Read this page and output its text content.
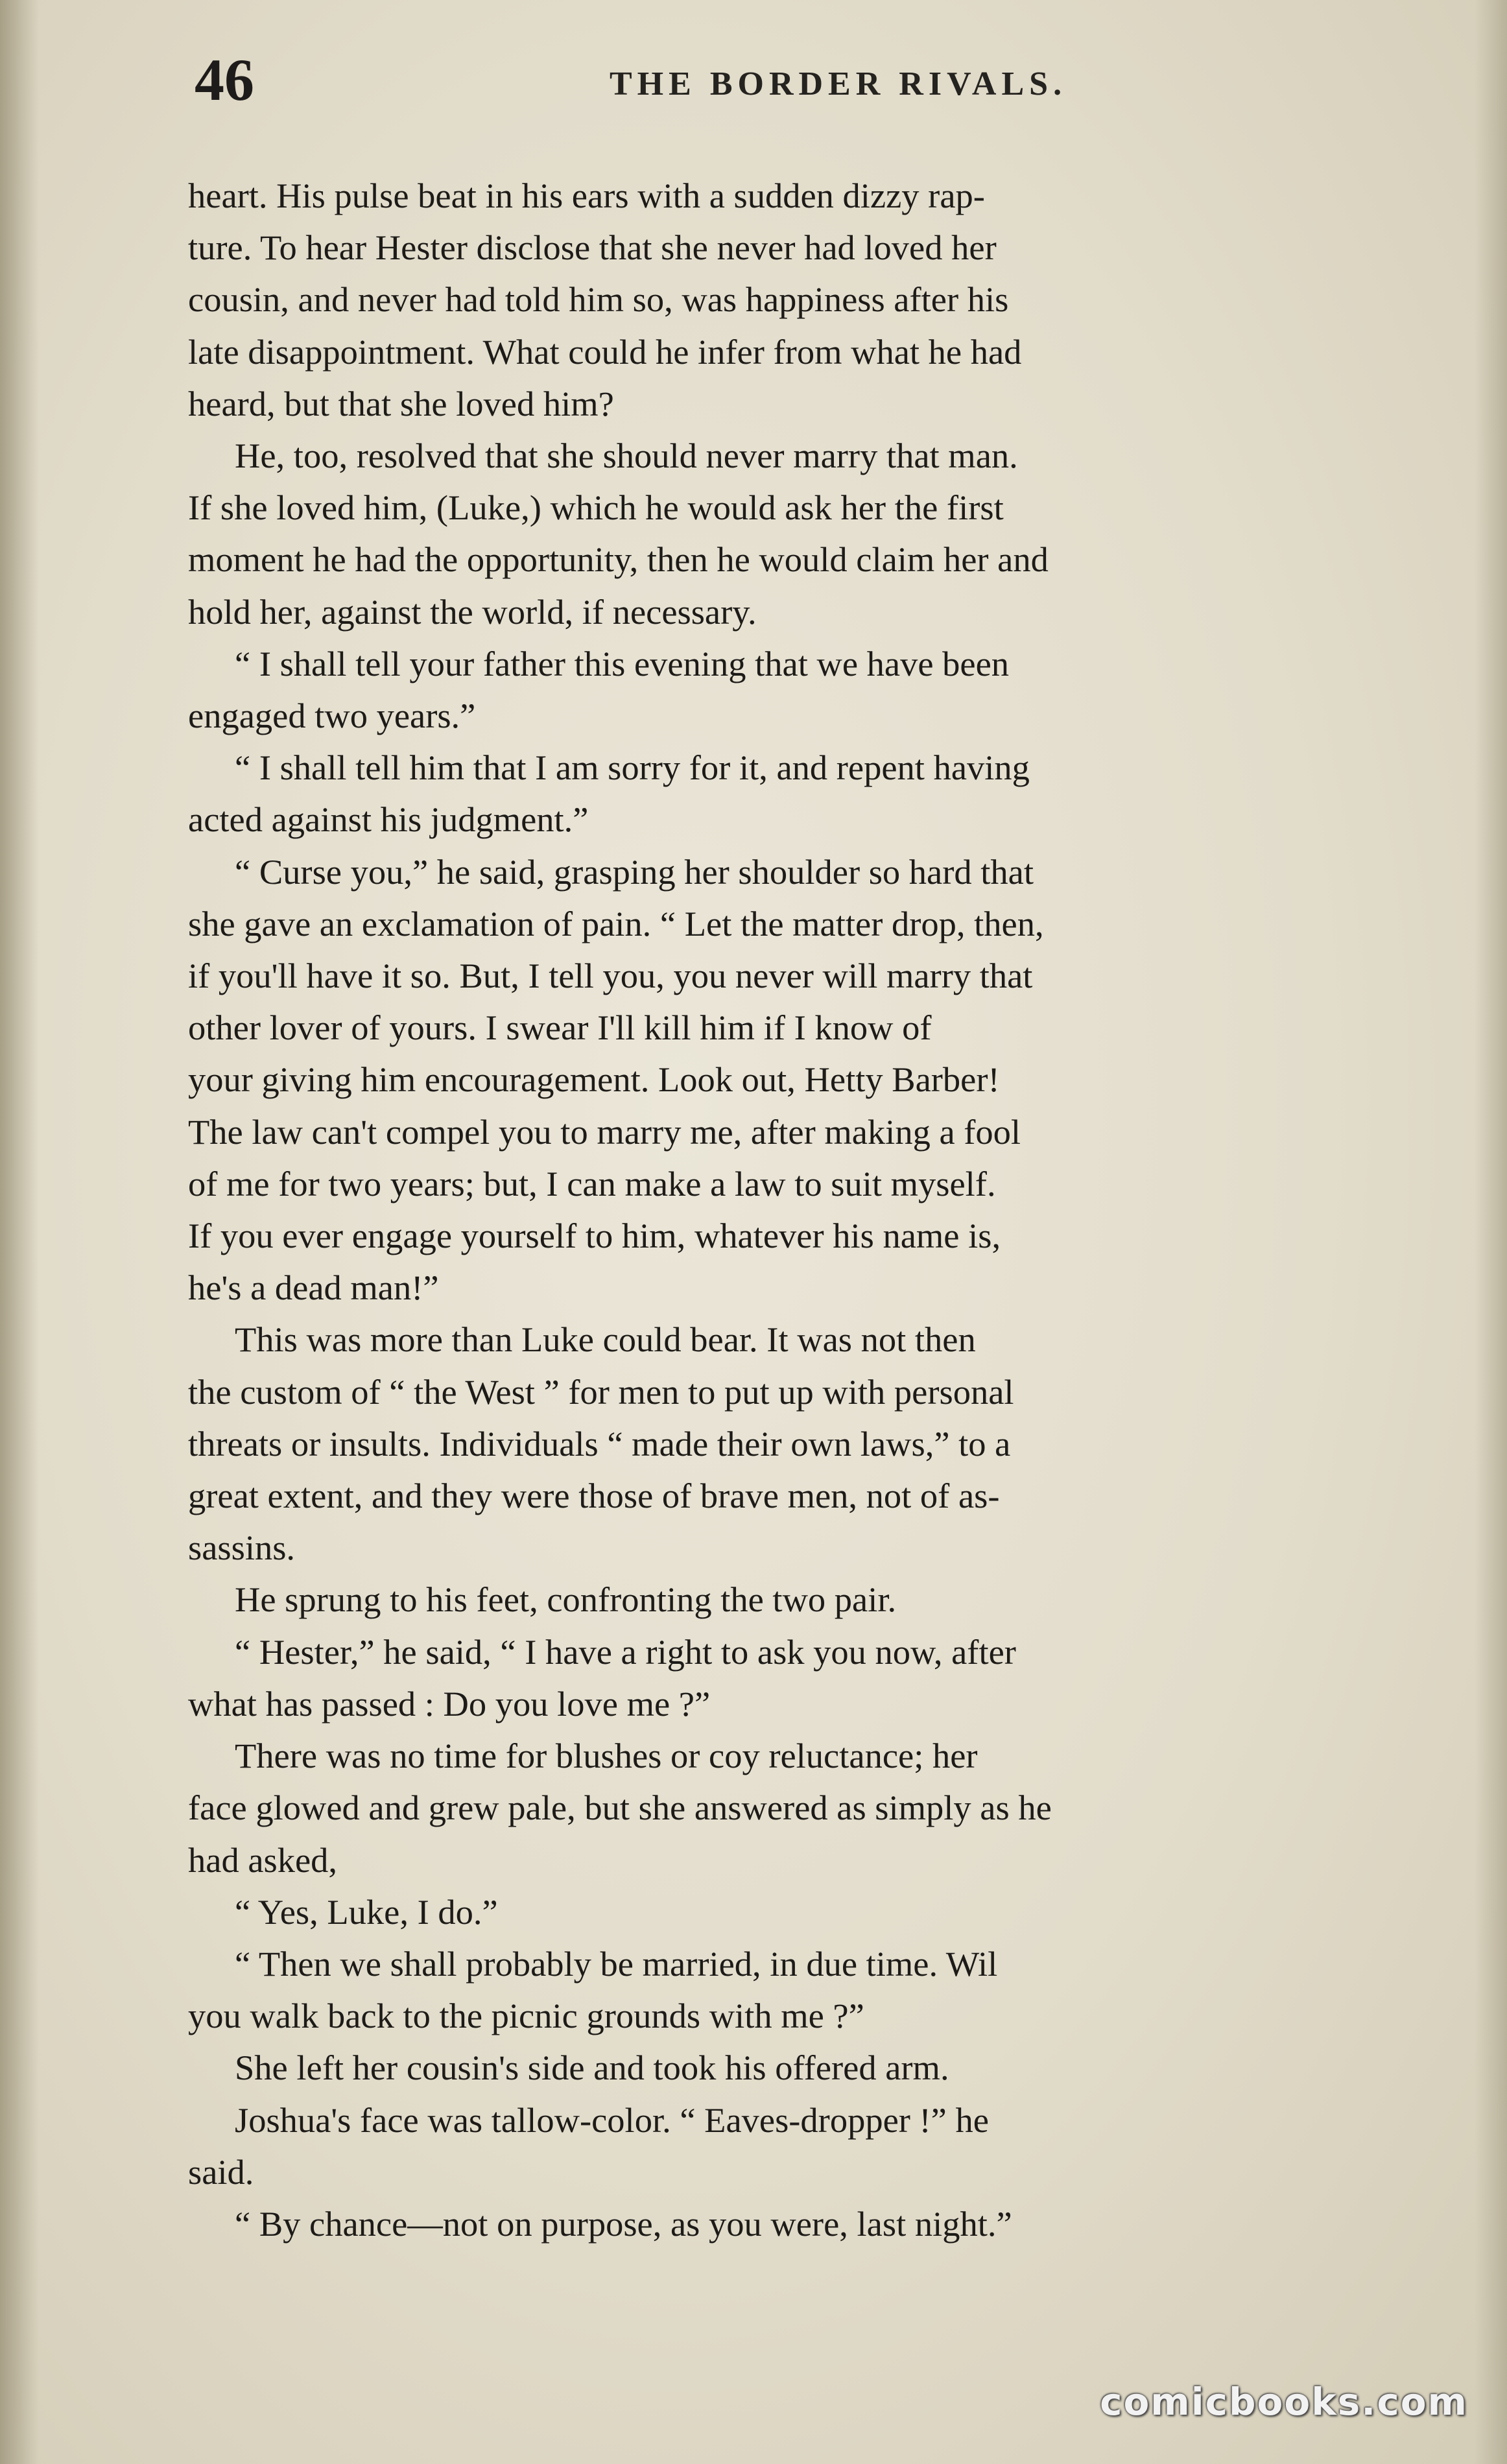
46	THE BORDER RIVALS.

heart. His pulse beat in his ears with a sudden dizzy rap-

ture. To hear Hester disclose that she never had loved her

cousin, and never had told him so, was happiness after his

late disappointment. What could he infer from what he had

heard, but that she loved him?

He, too, resolved that she should never marry that man.

If she loved him, (Luke,) which he would ask her the first

moment he had the opportunity, then he would claim her and

hold her, against the world, if necessary.

“ I shall tell your father this evening that we have been

engaged two years.”

“ I shall tell him that I am sorry for it, and repent having

acted against his judgment.”

“ Curse you,” he said, grasping her shoulder so hard that

she gave an exclamation of pain. “ Let the matter drop, then,

if you'll have it so. But, I tell you, you never will marry that

other lover of yours. I swear I'll kill him if I know of

your giving him encouragement. Look out, Hetty Barber!

The law can't compel you to marry me, after making a fool

of me for two years; but, I can make a law to suit myself.

If you ever engage yourself to him, whatever his name is,

he's a dead man!”

This was more than Luke could bear. It was not then

the custom of “ the West ” for men to put up with personal

threats or insults. Individuals “ made their own laws,” to a

great extent, and they were those of brave men, not of as-

sassins.

He sprung to his feet, confronting the two pair.

“ Hester,” he said, “ I have a right to ask you now, after

what has passed : Do you love me ?”

There was no time for blushes or coy reluctance; her

face glowed and grew pale, but she answered as simply as he

had asked,

“ Yes, Luke, I do.”

“ Then we shall probably be married, in due time. Wil

you walk back to the picnic grounds with me ?”

She left her cousin's side and took his offered arm.

Joshua's face was tallow-color. “ Eaves-dropper !” he

said.

“ By chance—not on purpose, as you were, last night.”

comicbooks.com
